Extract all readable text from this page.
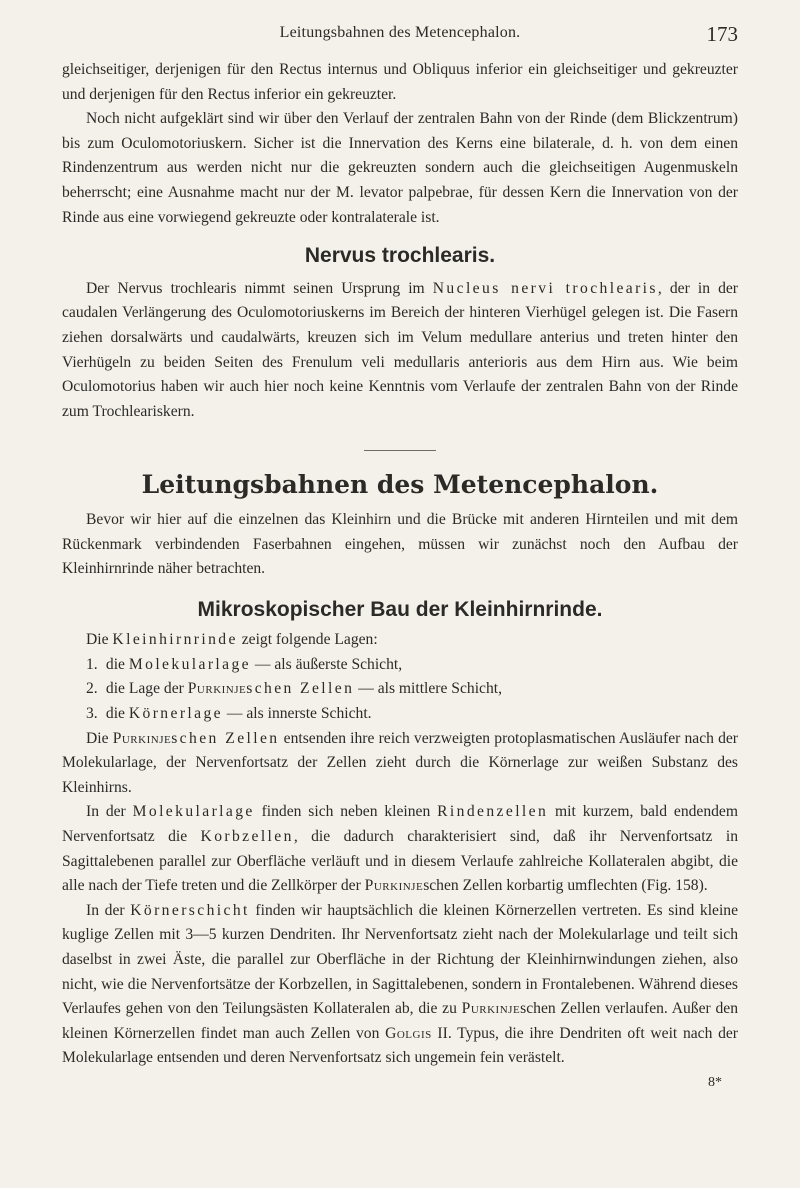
Leitungsbahnen des Metencephalon.	173

gleichseitiger, derjenigen für den Rectus internus und Obliquus inferior ein gleichseitiger und gekreuzter und derjenigen für den Rectus inferior ein gekreuzter.

Noch nicht aufgeklärt sind wir über den Verlauf der zentralen Bahn von der Rinde (dem Blickzentrum) bis zum Oculomotoriuskern. Sicher ist die Innervation des Kerns eine bilaterale, d. h. von dem einen Rindenzentrum aus werden nicht nur die gekreuzten sondern auch die gleichseitigen Augenmuskeln beherrscht; eine Ausnahme macht nur der M. levator palpebrae, für dessen Kern die Innervation von der Rinde aus eine vorwiegend gekreuzte oder kontralaterale ist.

Nervus trochlearis.

Der Nervus trochlearis nimmt seinen Ursprung im Nucleus nervi trochlearis, der in der caudalen Verlängerung des Oculomotoriuskerns im Bereich der hinteren Vierhügel gelegen ist. Die Fasern ziehen dorsalwärts und caudalwärts, kreuzen sich im Velum medullare anterius und treten hinter den Vierhügeln zu beiden Seiten des Frenulum veli medullaris anterioris aus dem Hirn aus. Wie beim Oculomotorius haben wir auch hier noch keine Kenntnis vom Verlaufe der zentralen Bahn von der Rinde zum Trochleariskern.

Leitungsbahnen des Metencephalon.

Bevor wir hier auf die einzelnen das Kleinhirn und die Brücke mit anderen Hirnteilen und mit dem Rückenmark verbindenden Faserbahnen eingehen, müssen wir zunächst noch den Aufbau der Kleinhirnrinde näher betrachten.

Mikroskopischer Bau der Kleinhirnrinde.

Die Kleinhirnrinde zeigt folgende Lagen:

1. die Molekularlage — als äußerste Schicht,

2. die Lage der Purkinjeschen Zellen — als mittlere Schicht,

3. die Körnerlage — als innerste Schicht.

Die Purkinjeschen Zellen entsenden ihre reich verzweigten protoplasmatischen Ausläufer nach der Molekularlage, der Nervenfortsatz der Zellen zieht durch die Körnerlage zur weißen Substanz des Kleinhirns.

In der Molekularlage finden sich neben kleinen Rindenzellen mit kurzem, bald endendem Nervenfortsatz die Korbzellen, die dadurch charakterisiert sind, daß ihr Nervenfortsatz in Sagittalebenen parallel zur Oberfläche verläuft und in diesem Verlaufe zahlreiche Kollateralen abgibt, die alle nach der Tiefe treten und die Zellkörper der Purkinjeschen Zellen korbartig umflechten (Fig. 158).

In der Körnerschicht finden wir hauptsächlich die kleinen Körnerzellen vertreten. Es sind kleine kuglige Zellen mit 3—5 kurzen Dendriten. Ihr Nervenfortsatz zieht nach der Molekularlage und teilt sich daselbst in zwei Äste, die parallel zur Oberfläche in der Richtung der Kleinhirnwindungen ziehen, also nicht, wie die Nervenfortsätze der Korbzellen, in Sagittalebenen, sondern in Frontalebenen. Während dieses Verlaufes gehen von den Teilungsästen Kollateralen ab, die zu Purkinjeschen Zellen verlaufen. Außer den kleinen Körnerzellen findet man auch Zellen von Golgis II. Typus, die ihre Dendriten oft weit nach der Molekularlage entsenden und deren Nervenfortsatz sich ungemein fein verästelt.

8*
